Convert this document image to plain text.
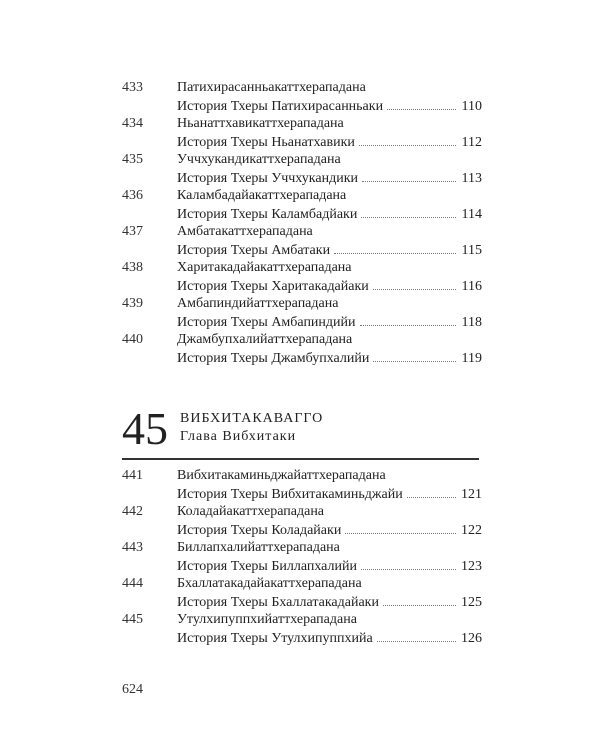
433 Патихирасанньакаттхерападана
История Тхеры Патихирасанньаки	110
434 Ньанаттхавикаттхерападана
История Тхеры Ньанатхавики	112
435 Уччхукандикаттхерападана
История Тхеры Уччхукандики	113
436 Каламбадайакаттхерападана
История Тхеры Каламбадйаки	114
437 Амбатакаттхерападана
История Тхеры Амбатаки	115
438 Харитакадайакаттхерападана
История Тхеры Харитакадайаки	116
439 Амбапиндийаттхерападана
История Тхеры Амбапиндийи	118
440 Джамбупхалийаттхерападана
История Тхеры Джамбупхалийи	119
45 ВИБХИТАКАВАГГО
Глава Вибхитаки
441 Вибхитакаминьджайаттхерападана
История Тхеры Вибхитакаминьджайи	121
442 Коладайакаттхерападана
История Тхеры Коладайаки	122
443 Биллапхалийаттхерападана
История Тхеры Биллапхалийи	123
444 Бхаллатакадайакаттхерападана
История Тхеры Бхаллатакадайаки	125
445 Утулхипуппхийаттхерападана
История Тхеры Утулхипуппхийа	126
624
